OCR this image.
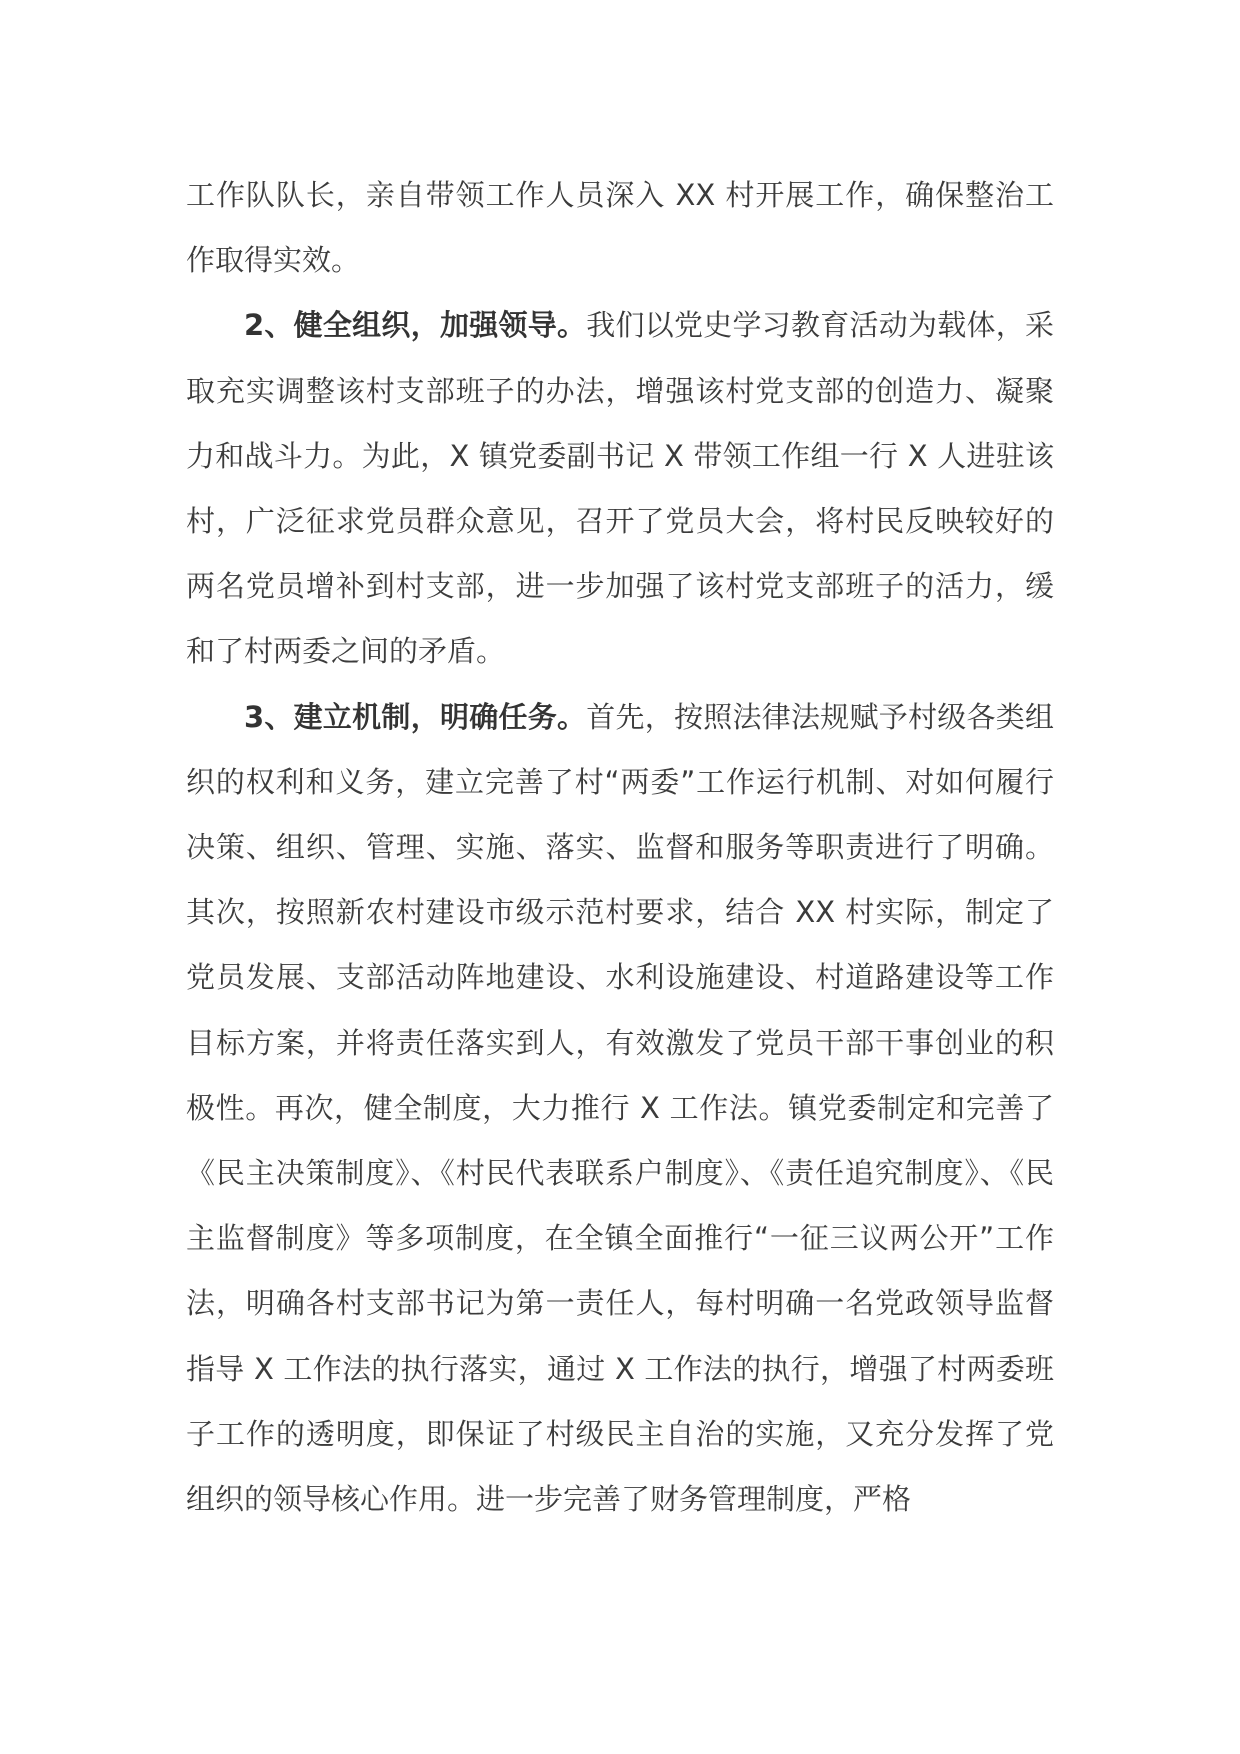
工作队队长，亲自带领工作人员深入 XX 村开展工作，确保整治工作取得实效。

2、健全组织，加强领导。我们以党史学习教育活动为载体，采取充实调整该村支部班子的办法，增强该村党支部的创造力、凝聚力和战斗力。为此，X 镇党委副书记 X 带领工作组一行 X 人进驻该村，广泛征求党员群众意见，召开了党员大会，将村民反映较好的两名党员增补到村支部，进一步加强了该村党支部班子的活力，缓和了村两委之间的矛盾。

3、建立机制，明确任务。首先，按照法律法规赋予村级各类组织的权利和义务，建立完善了村“两委”工作运行机制、对如何履行决策、组织、管理、实施、落实、监督和服务等职责进行了明确。其次，按照新农村建设市级示范村要求，结合 XX 村实际，制定了党员发展、支部活动阵地建设、水利设施建设、村道路建设等工作目标方案，并将责任落实到人，有效激发了党员干部干事创业的积极性。再次，健全制度，大力推行 X 工作法。镇党委制定和完善了《民主决策制度》、《村民代表联系户制度》、《责任追究制度》、《民主监督制度》等多项制度，在全镇全面推行“一征三议两公开”工作法，明确各村支部书记为第一责任人，每村明确一名党政领导监督指导 X 工作法的执行落实，通过 X 工作法的执行，增强了村两委班子工作的透明度，即保证了村级民主自治的实施，又充分发挥了党组织的领导核心作用。进一步完善了财务管理制度，严格
